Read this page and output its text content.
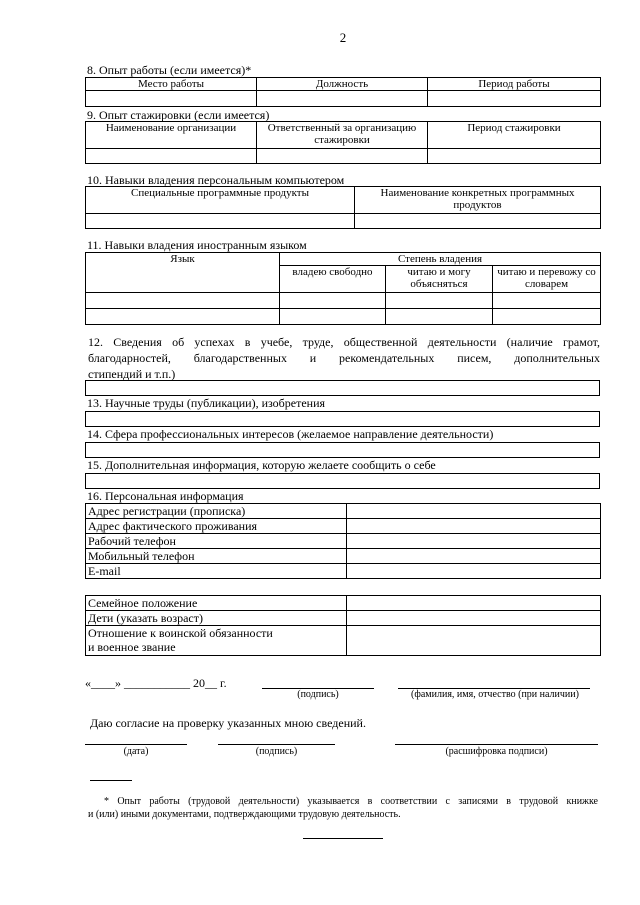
2
8. Опыт работы (если имеется)*
Место работы	Должность	Период работы

9. Опыт стажировки (если имеется)
Наименование организации	Ответственный за организацию стажировки	Период стажировки

10. Навыки владения персональным компьютером
Специальные программные продукты	Наименование конкретных программных продуктов

11. Навыки владения иностранным языком
Язык	Степень владения		
	владею свободно	читаю и могу объясняться	читаю и перевожу со словарем

12. Сведения об успехах в учебе, труде, общественной деятельности (наличие грамот, благодарностей, благодарственных и рекомендательных писем, дополнительных
стипендий и т.п.)
13. Научные труды (публикации), изобретения
14. Сфера профессиональных интересов (желаемое направление деятельности)
15. Дополнительная информация, которую желаете сообщить о себе
16. Персональная информация
Адрес регистрации (прописка)	
Адрес фактического проживания	
Рабочий телефон	
Мобильный телефон	
E-mail	
Семейное положение	
Дети (указать возраст)	
Отношение к воинской обязанности
и военное звание	
«____» ___________ 20__ г.
(подпись)	(фамилия, имя, отчество (при наличии)
Даю согласие на проверку указанных мною сведений.
(дата)	(подпись)	(расшифровка подписи)
* Опыт работы (трудовой деятельности) указывается в соответствии с записями в трудовой книжке
и (или) иными документами, подтверждающими трудовую деятельность.
